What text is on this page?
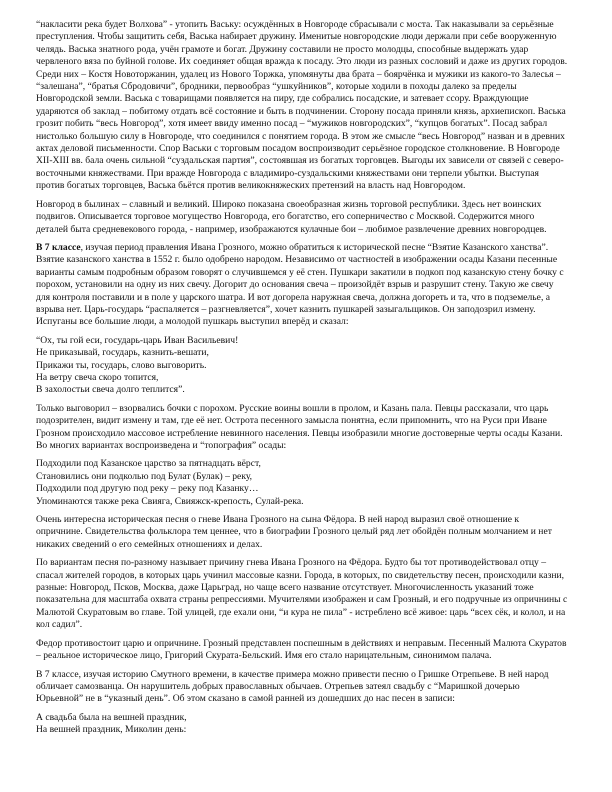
“накласити река будет Волхова” - утопить Ваську: осуждённых в Новгороде сбрасывали с моста. Так наказывали за серьёзные преступления. Чтобы защитить себя, Васька набирает дружину. Именитые новгородские люди держали при себе вооруженную челядь. Васька знатного рода, учён грамоте и богат. Дружину составили не просто молодцы, способные выдержать удар червленого вяза по буйной голове. Их соединяет общая вражда к посаду. Это люди из разных сословий и даже из других городов. Среди них – Костя Новоторжанин, удалец из Нового Торжка, упомянуты два брата – боярчёнка и мужики из какого-то Залесья – “залешана”, “братья Сбродовичи”, бродники, первообраз “ушкуйников”, которые ходили в походы далеко за пределы Новгородской земли. Васька с товарищами появляется на пиру, где собрались посадские, и затевает ссору. Враждующие ударяются об заклад – побитому отдать всё состояние и быть в подчинении. Сторону посада приняли князь, архиепископ. Васька грозит побить “весь Новгород”, хотя имеет ввиду именно посад – “мужиков новгородских”, “купцов богатых”. Посад забрал нистолько большую силу в Новгороде, что соединился с понятием города. В этом же смысле “весь Новгород” назван и в древних актах деловой письменности. Спор Васьки с торговым посадом воспроизводит серьёзное городское столкновение. В Новгороде XII-XIII вв. бала очень сильной “суздальская партия”, состоявшая из богатых торговцев. Выгоды их зависели от связей с северо-восточными княжествами. При вражде Новгорода с владимиро-суздальскими княжествами они терпели убытки. Выступая против богатых торговцев, Васька бьётся против великокняжеских претензий на власть над Новгородом.

Новгород в былинах – славный и великий. Широко показана своеобразная жизнь торговой республики. Здесь нет воинских подвигов. Описывается торговое могущество Новгорода, его богатство, его соперничество с Москвой. Содержится много деталей быта средневекового города, - например, изображаются кулачные бои – любимое развлечение древних новгородцев.

В 7 классе, изучая период правления Ивана Грозного, можно обратиться к исторической песне “Взятие Казанского ханства”. Взятие казанского ханства в 1552 г. было одобрено народом. Независимо от частностей в изображении осады Казани песенные варианты самым подробным образом говорят о случившемся у её стен. Пушкари закатили в подкоп под казанскую стену бочку с порохом, установили на одну из них свечу. Догорит до основания свеча – произойдёт взрыв и разрушит стену. Такую же свечу для контроля поставили и в поле у царского шатра. И вот догорела наружная свеча, должна догореть и та, что в подземелье, а взрыва нет. Царь-государь “распаляется – разгневляется”, хочет казнить пушкарей зазыгальщиков. Он заподозрил измену. Испуганы все большие люди, а молодой пушкарь выступил вперёд и сказал:

“Ох, ты гой еси, государь-царь Иван Васильевич!
Не приказывай, государь, казнить-вешати,
Прикажи ты, государь, слово выговорить.
На ветру свеча скоро топится,
В захолостьи свеча долго теплится”.

Только выговорил – взорвались бочки с порохом. Русские воины вошли в пролом, и Казань пала. Певцы рассказали, что царь подозрителен, видит измену и там, где её нет. Острота песенного замысла понятна, если припомнить, что на Руси при Иване Грозном происходило массовое истребление невинного населения. Певцы изобразили многие достоверные черты осады Казани. Во многих вариантах воспроизведена и “топография” осады:

Подходили под Казанское царство за пятнадцать вёрст,
Становились они подколью под Булат (Булак) – реку,
Подходили под другую под реку – реку под Казанку…
Упоминаются также река Свияга, Свияжск-крепость, Сулай-река.

Очень интересна историческая песня о гневе Ивана Грозного на сына Фёдора. В ней народ выразил своё отношение к опричнине. Свидетельства фольклора тем ценнее, что в биографии Грозного целый ряд лет обойдён полным молчанием и нет никаких сведений о его семейных отношениях и делах.

По вариантам песня по-разному называет причину гнева Ивана Грозного на Фёдора. Будто бы тот противодействовал отцу – спасал жителей городов, в которых царь учинил массовые казни. Города, в которых, по свидетельству песен, происходили казни, разные: Новгород, Псков, Москва, даже Царьград, но чаще всего название отсутствует. Многочисленность указаний тоже показательна для масштаба охвата страны репрессиями. Мучителями изображен и сам Грозный, и его подручные из опричнины с Малютой Скуратовым во главе. Той улицей, где ехали они, “и кура не пила” - истреблено всё живое: царь “всех сёк, и колол, и на кол садил”.

Федор противостоит царю и опричнине. Грозный представлен поспешным в действиях и неправым. Песенный Малюта Скуратов – реальное историческое лицо, Григорий Скурата-Бельский. Имя его стало нарицательным, синонимом палача.

В 7 классе, изучая историю Смутного времени, в качестве примера можно привести песню о Гришке Отрепьеве. В ней народ обличает самозванца. Он нарушитель добрых православных обычаев. Отрепьев затеял свадьбу с “Маришкой дочерью Юрьевной” не в “указный день”. Об этом сказано в самой ранней из дошедших до нас песен в записи:

А свадьба была на вешней праздник,
На вешней праздник, Миколин день:
